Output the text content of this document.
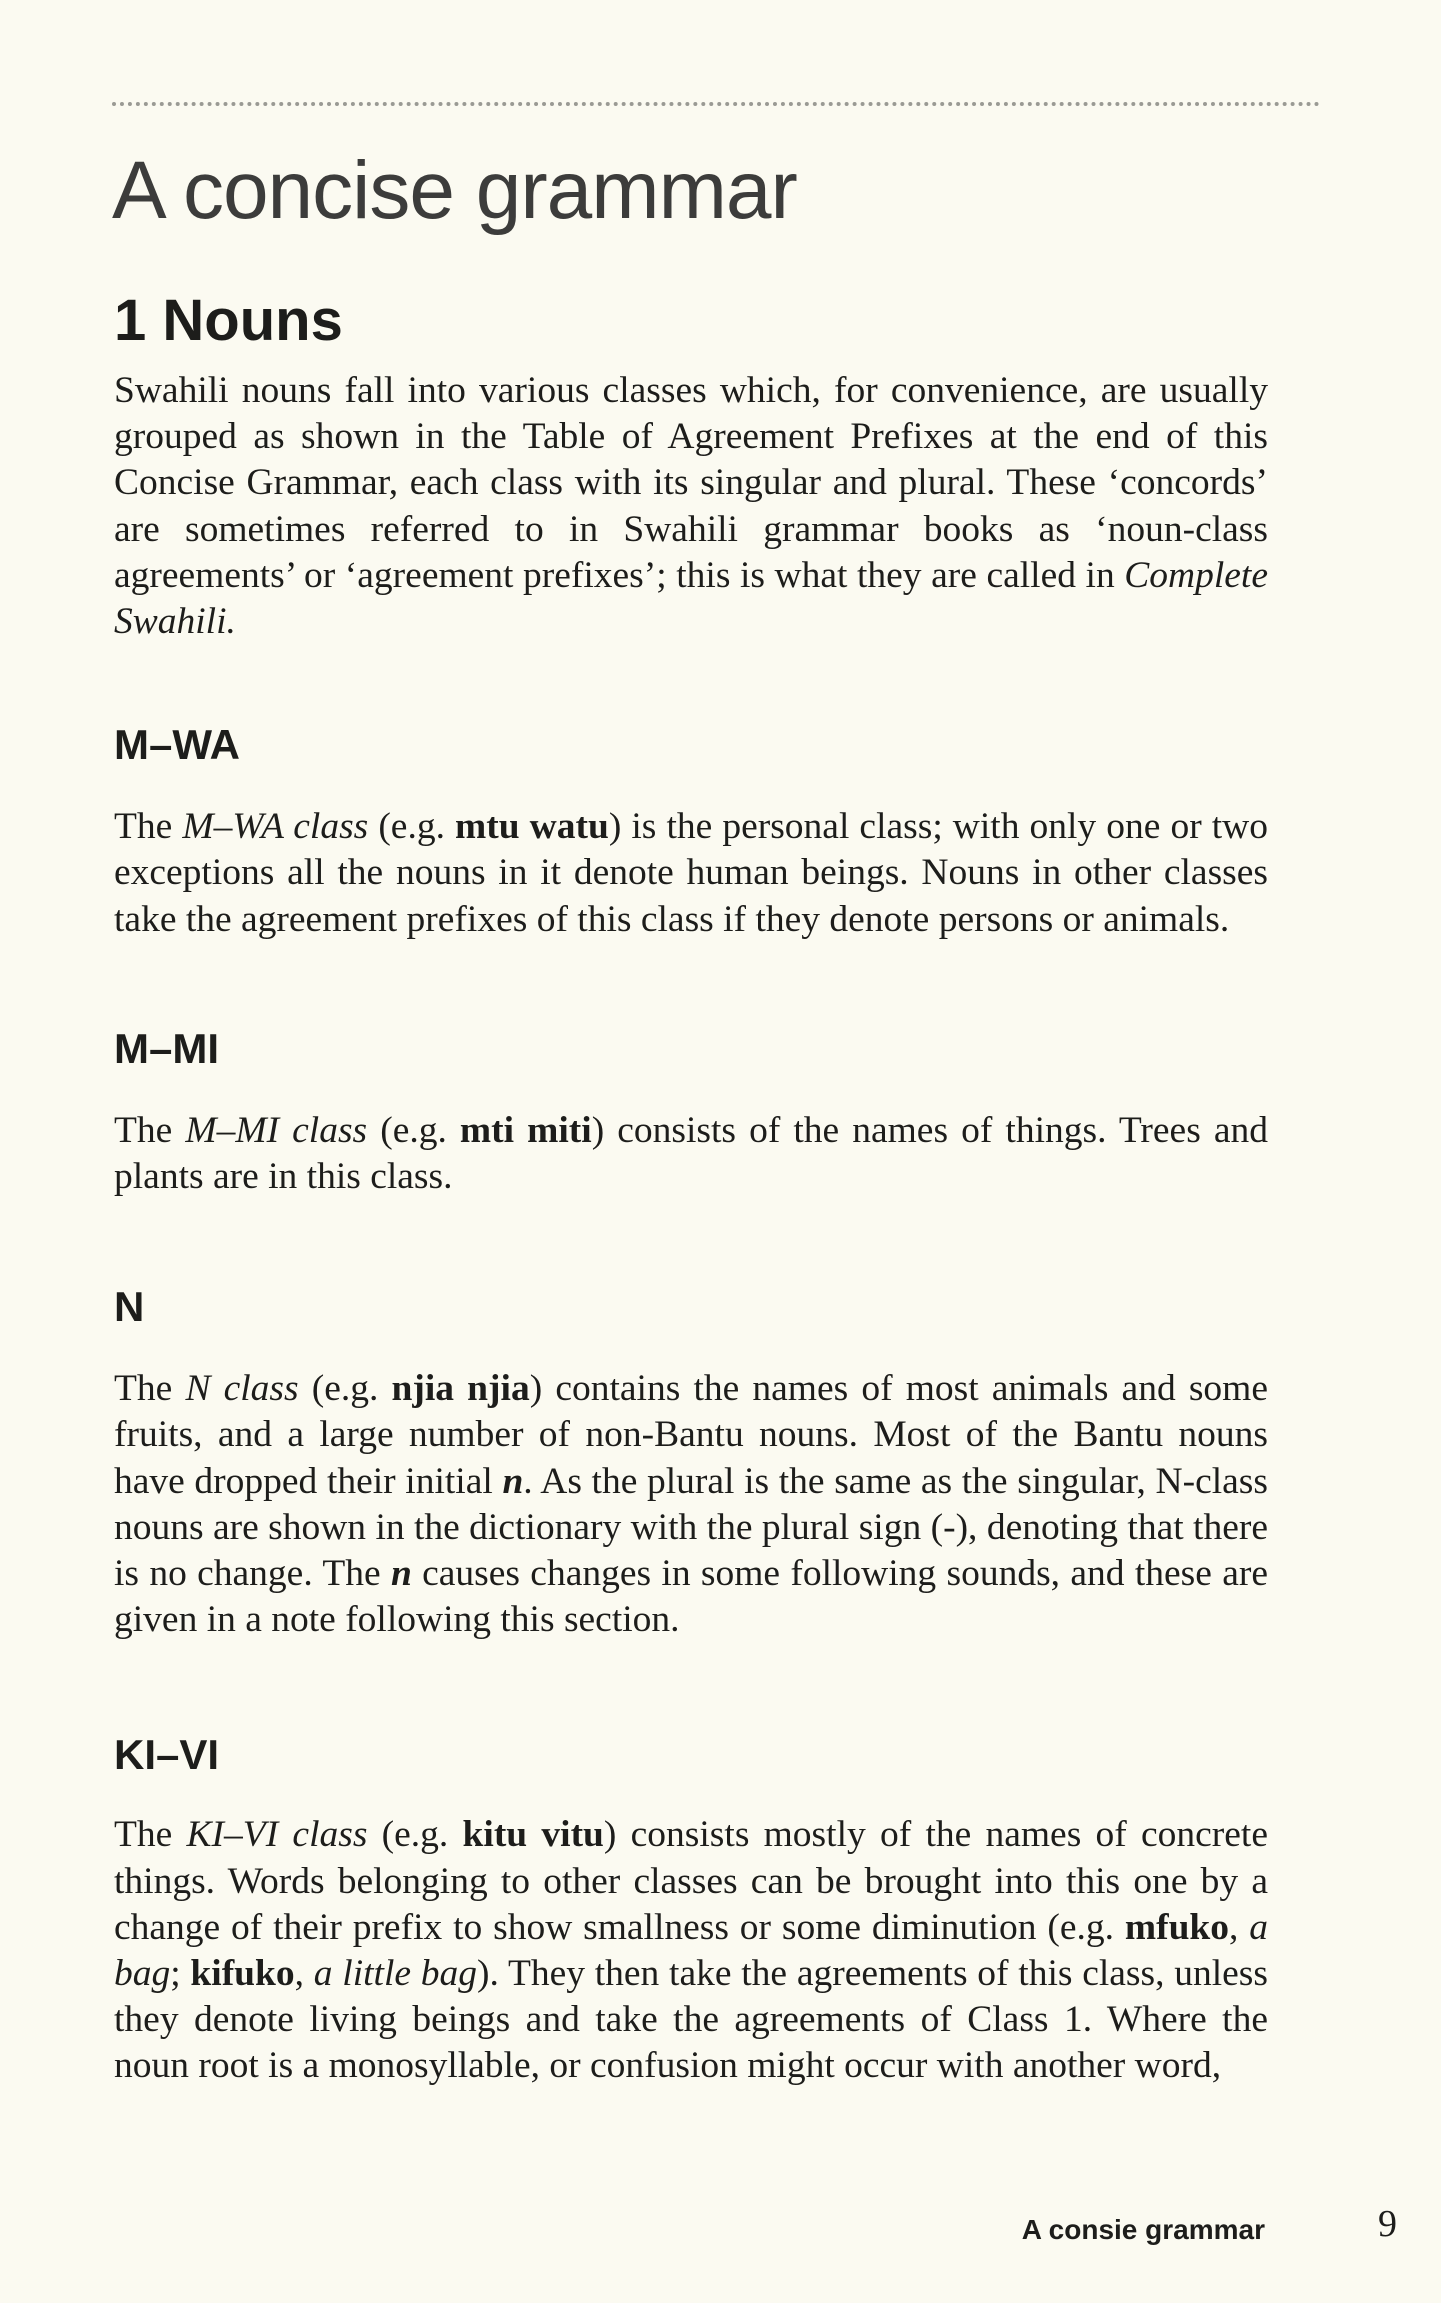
A concise grammar
1 Nouns

Swahili nouns fall into various classes which, for convenience, are usually grouped as shown in the Table of Agreement Prefixes at the end of this Concise Grammar, each class with its singular and plural. These ‘concords’ are sometimes referred to in Swahili grammar books as ‘noun-class agreements’ or ‘agreement prefixes’; this is what they are called in Complete Swahili.

M–WA

The M–WA class (e.g. mtu watu) is the personal class; with only one or two exceptions all the nouns in it denote human beings. Nouns in other classes take the agreement prefixes of this class if they denote persons or animals.

M–MI

The M–MI class (e.g. mti miti) consists of the names of things. Trees and plants are in this class.

N

The N class (e.g. njia njia) contains the names of most animals and some fruits, and a large number of non-Bantu nouns. Most of the Bantu nouns have dropped their initial n. As the plural is the same as the singular, N-class nouns are shown in the dictionary with the plural sign (-), denoting that there is no change. The n causes changes in some following sounds, and these are given in a note following this section.

KI–VI

The KI–VI class (e.g. kitu vitu) consists mostly of the names of concrete things. Words belonging to other classes can be brought into this one by a change of their prefix to show smallness or some diminution (e.g. mfuko, a bag; kifuko, a little bag). They then take the agreements of this class, unless they denote living beings and take the agreements of Class 1. Where the noun root is a monosyllable, or confusion might occur with another word,

A consie grammar	9
